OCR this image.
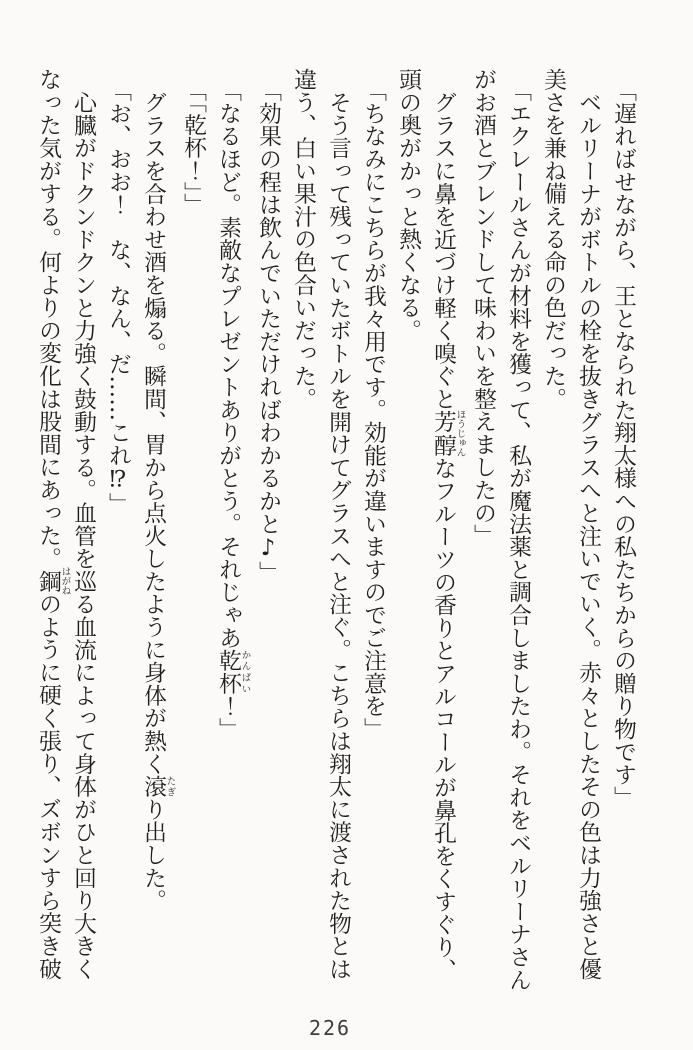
「遅ればせながら、王となられた翔太様への私たちからの贈り物です」

ベルリーナがボトルの栓を抜きグラスへと注いでいく。赤々としたその色は力強さと優美さを兼ね備える命の色だった。

「エクレールさんが材料を獲って、私が魔法薬と調合しましたわ。それをベルリーナさんがお酒とブレンドして味わいを整えましたの」

グラスに鼻を近づけ軽く嗅ぐと芳醇ほうじゅんなフルーツの香りとアルコールが鼻孔をくすぐり、頭の奥がかっと熱くなる。

「ちなみにこちらが我々用です。効能が違いますのでご注意を」

そう言って残っていたボトルを開けてグラスへと注ぐ。こちらは翔太に渡された物とは違う、白い果汁の色合いだった。

「効果の程は飲んでいただければわかるかと♪」

「なるほど。素敵なプレゼントありがとう。それじゃあ乾杯かんぱい！」

「「乾杯！」」

グラスを合わせ酒を煽る。瞬間、胃から点火したように身体が熱く滾たぎり出した。

「お、おお！　な、なん、だ……これ⁉」

心臓がドクンドクンと力強く鼓動する。血管を巡る血流によって身体がひと回り大きくなった気がする。何よりの変化は股間にあった。鋼はがねのように硬く張り、ズボンすら突き破

226
